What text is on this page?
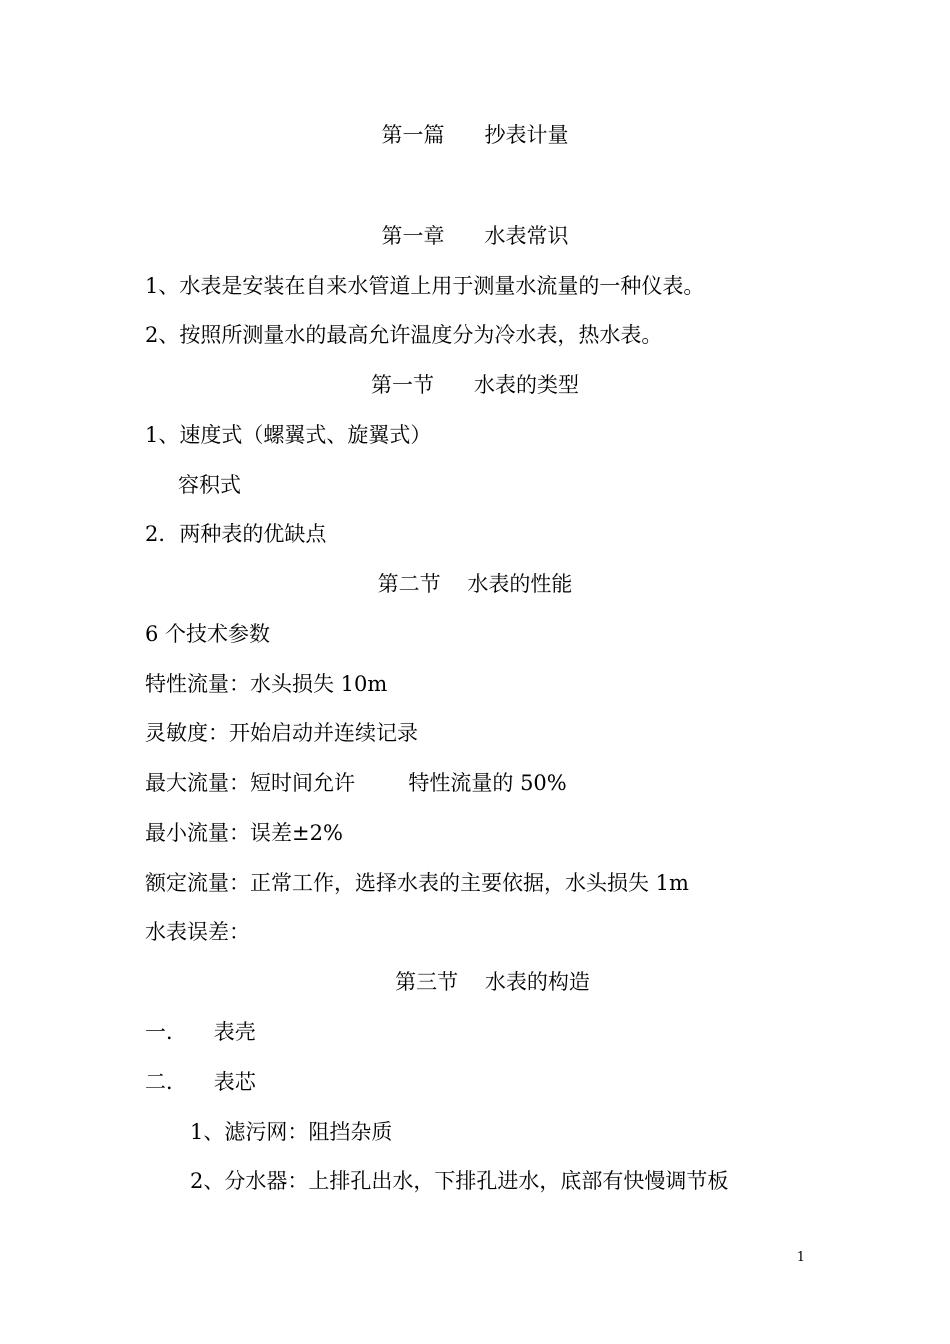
第一篇      抄表计量
第一章      水表常识
1、水表是安装在自来水管道上用于测量水流量的一种仪表。
2、按照所测量水的最高允许温度分为冷水表，热水表。
第一节      水表的类型
1、速度式（螺翼式、旋翼式）
容积式
2．两种表的优缺点
第二节    水表的性能
6 个技术参数
特性流量：水头损失 10m
灵敏度：开始启动并连续记录
最大流量：短时间允许        特性流量的 50%
最小流量：误差±2%
额定流量：正常工作，选择水表的主要依据，水头损失 1m
水表误差：
第三节    水表的构造
一．    表壳
二．    表芯
1、滤污网：阻挡杂质
2、分水器：上排孔出水，下排孔进水，底部有快慢调节板
1
